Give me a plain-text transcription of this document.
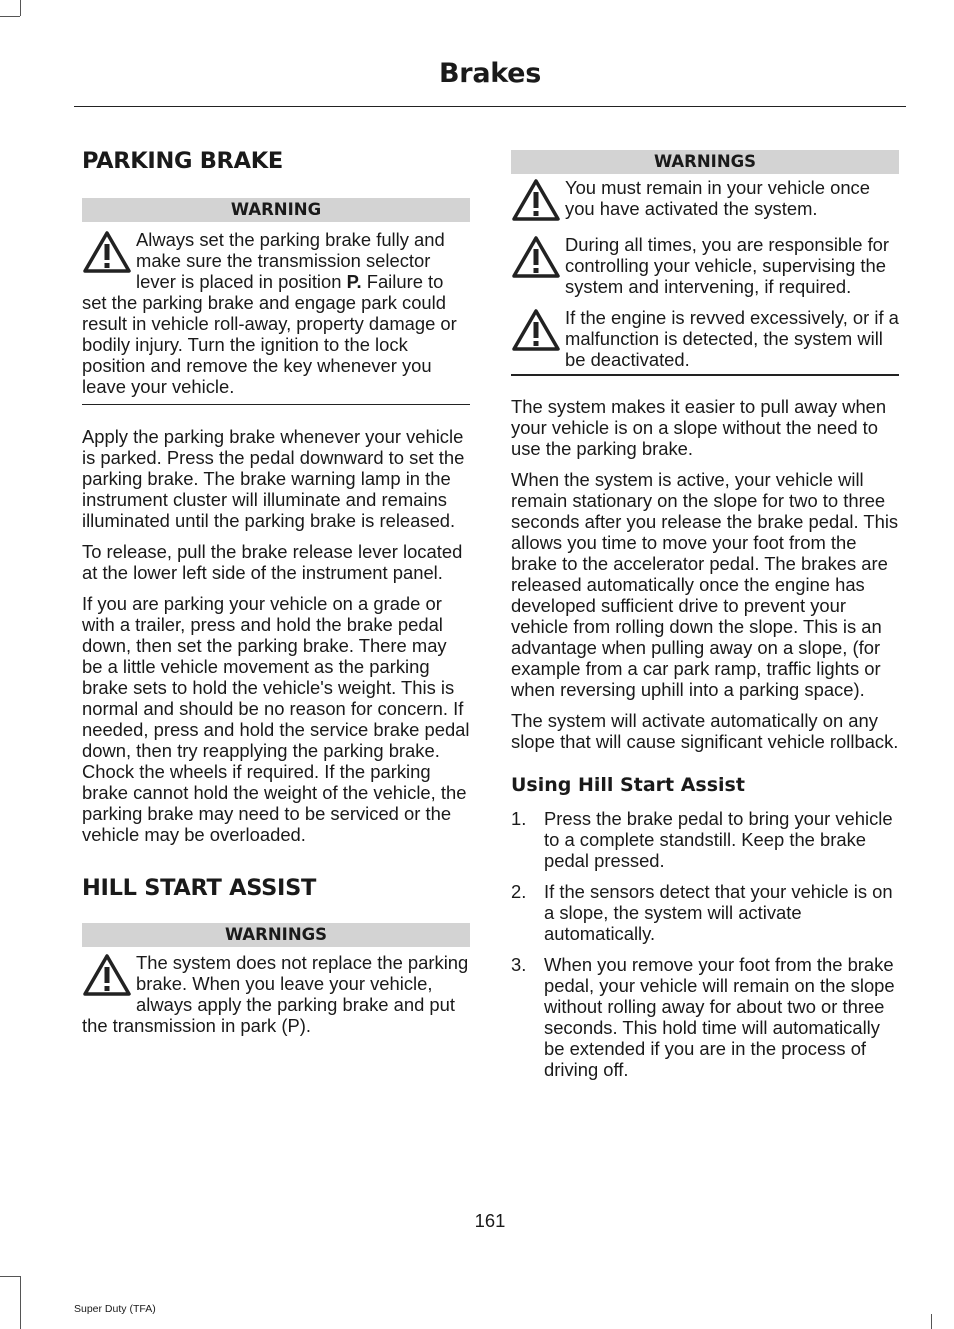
Brakes
PARKING BRAKE
WARNING

Always set the parking brake fully and make sure the transmission selector lever is placed in position P. Failure to set the parking brake and engage park could result in vehicle roll-away, property damage or bodily injury. Turn the ignition to the lock position and remove the key whenever you leave your vehicle.

Apply the parking brake whenever your vehicle is parked. Press the pedal downward to set the parking brake. The brake warning lamp in the instrument cluster will illuminate and remains illuminated until the parking brake is released.

To release, pull the brake release lever located at the lower left side of the instrument panel.

If you are parking your vehicle on a grade or with a trailer, press and hold the brake pedal down, then set the parking brake. There may be a little vehicle movement as the parking brake sets to hold the vehicle's weight. This is normal and should be no reason for concern. If needed, press and hold the service brake pedal down, then try reapplying the parking brake. Chock the wheels if required. If the parking brake cannot hold the weight of the vehicle, the parking brake may need to be serviced or the vehicle may be overloaded.

HILL START ASSIST
WARNINGS

The system does not replace the parking brake. When you leave your vehicle, always apply the parking brake and put the transmission in park (P).

WARNINGS

You must remain in your vehicle once you have activated the system.

During all times, you are responsible for controlling your vehicle, supervising the system and intervening, if required.

If the engine is revved excessively, or if a malfunction is detected, the system will be deactivated.

The system makes it easier to pull away when your vehicle is on a slope without the need to use the parking brake.

When the system is active, your vehicle will remain stationary on the slope for two to three seconds after you release the brake pedal. This allows you time to move your foot from the brake to the accelerator pedal. The brakes are released automatically once the engine has developed sufficient drive to prevent your vehicle from rolling down the slope. This is an advantage when pulling away on a slope, (for example from a car park ramp, traffic lights or when reversing uphill into a parking space).

The system will activate automatically on any slope that will cause significant vehicle rollback.

Using Hill Start Assist
1. Press the brake pedal to bring your vehicle to a complete standstill. Keep the brake pedal pressed.
2. If the sensors detect that your vehicle is on a slope, the system will activate automatically.
3. When you remove your foot from the brake pedal, your vehicle will remain on the slope without rolling away for about two or three seconds. This hold time will automatically be extended if you are in the process of driving off.
161
Super Duty (TFA)
